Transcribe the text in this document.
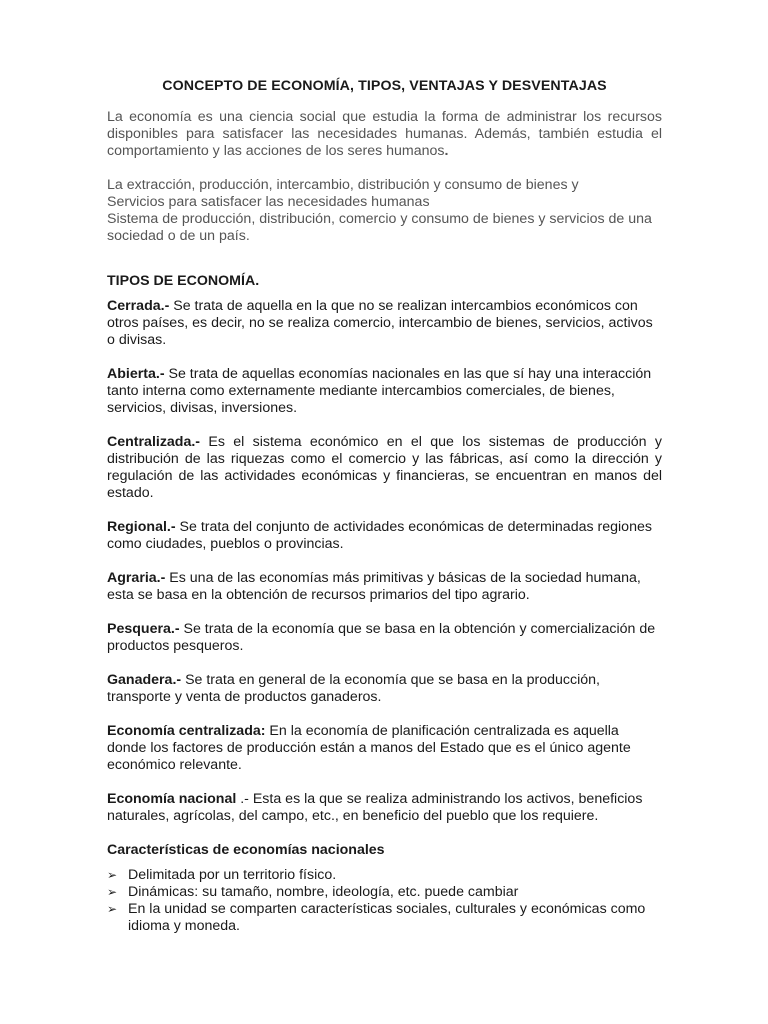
CONCEPTO DE ECONOMÍA, TIPOS, VENTAJAS Y DESVENTAJAS

La economía es una ciencia social que estudia la forma de administrar los recursos disponibles para satisfacer las necesidades humanas. Además, también estudia el comportamiento y las acciones de los seres humanos.

La extracción, producción, intercambio, distribución y consumo de bienes y

Servicios para satisfacer las necesidades humanas

Sistema de producción, distribución, comercio y consumo de bienes y servicios de una sociedad o de un país.

TIPOS DE ECONOMÍA.

Cerrada.- Se trata de aquella en la que no se realizan intercambios económicos con otros países, es decir, no se realiza comercio, intercambio de bienes, servicios, activos o divisas.

Abierta.- Se trata de aquellas economías nacionales en las que sí hay una interacción tanto interna como externamente mediante intercambios comerciales, de bienes, servicios, divisas, inversiones.

Centralizada.- Es el sistema económico en el que los sistemas de producción y distribución de las riquezas como el comercio y las fábricas, así como la dirección y regulación de las actividades económicas y financieras, se encuentran en manos del estado.

Regional.- Se trata del conjunto de actividades económicas de determinadas regiones como ciudades, pueblos o provincias.

Agraria.- Es una de las economías más primitivas y básicas de la sociedad humana, esta se basa en la obtención de recursos primarios del tipo agrario.

Pesquera.- Se trata de la economía que se basa en la obtención y comercialización de productos pesqueros.

Ganadera.- Se trata en general de la economía que se basa en la producción, transporte y venta de productos ganaderos.

Economía centralizada: En la economía de planificación centralizada es aquella donde los factores de producción están a manos del Estado que es el único agente económico relevante.

Economía nacional .- Esta es la que se realiza administrando los activos, beneficios naturales, agrícolas, del campo, etc., en beneficio del pueblo que los requiere.

Características de economías nacionales

➢ Delimitada por un territorio físico.
➢ Dinámicas: su tamaño, nombre, ideología, etc. puede cambiar
➢ En la unidad se comparten características sociales, culturales y económicas como idioma y moneda.
